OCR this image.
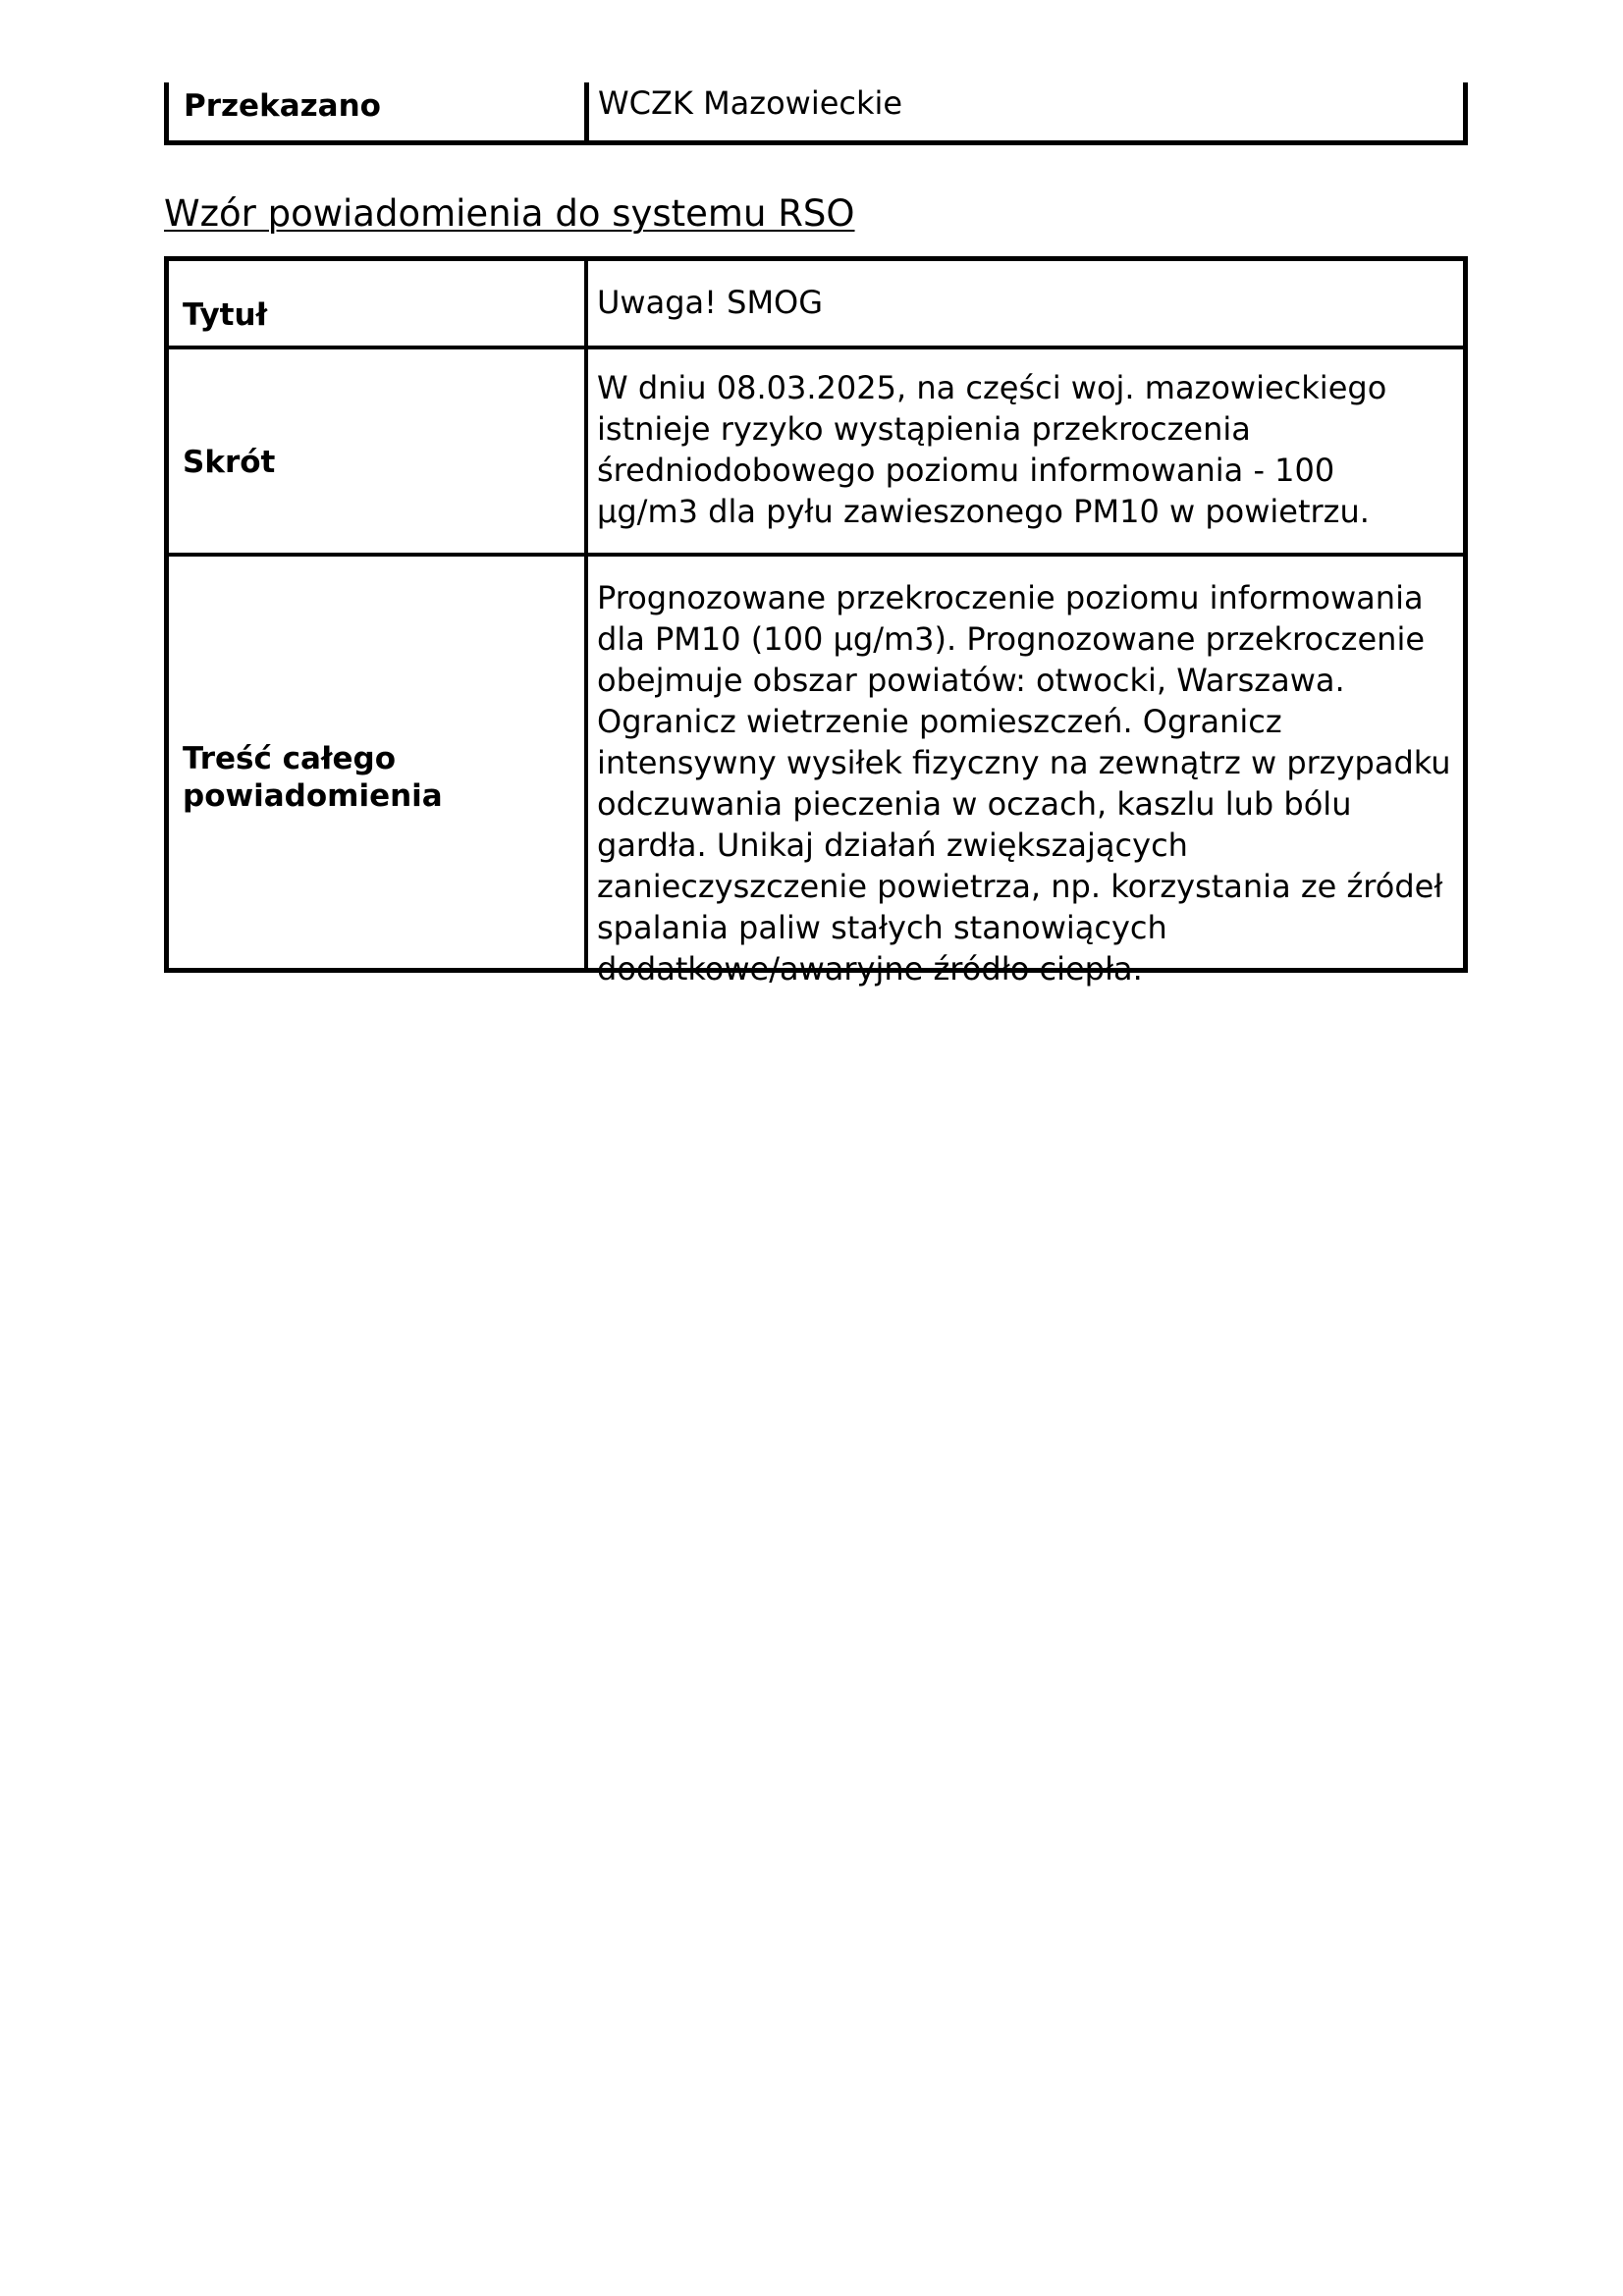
Przekazano	WCZK Mazowieckie
Wzór powiadomienia do systemu RSO
Tytuł	Uwaga! SMOG
Skrót
W dniu 08.03.2025, na części woj. mazowieckiego istnieje ryzyko wystąpienia przekroczenia średniodobowego poziomu informowania - 100 µg/m3 dla pyłu zawieszonego PM10 w powietrzu.
Treść całego powiadomienia
Prognozowane przekroczenie poziomu informowania dla PM10 (100 µg/m3). Prognozowane przekroczenie obejmuje obszar powiatów: otwocki, Warszawa. Ogranicz wietrzenie pomieszczeń. Ogranicz intensywny wysiłek fizyczny na zewnątrz w przypadku odczuwania pieczenia w oczach, kaszlu lub bólu gardła. Unikaj działań zwiększających zanieczyszczenie powietrza, np. korzystania ze źródeł spalania paliw stałych stanowiących dodatkowe/awaryjne źródło ciepła.
